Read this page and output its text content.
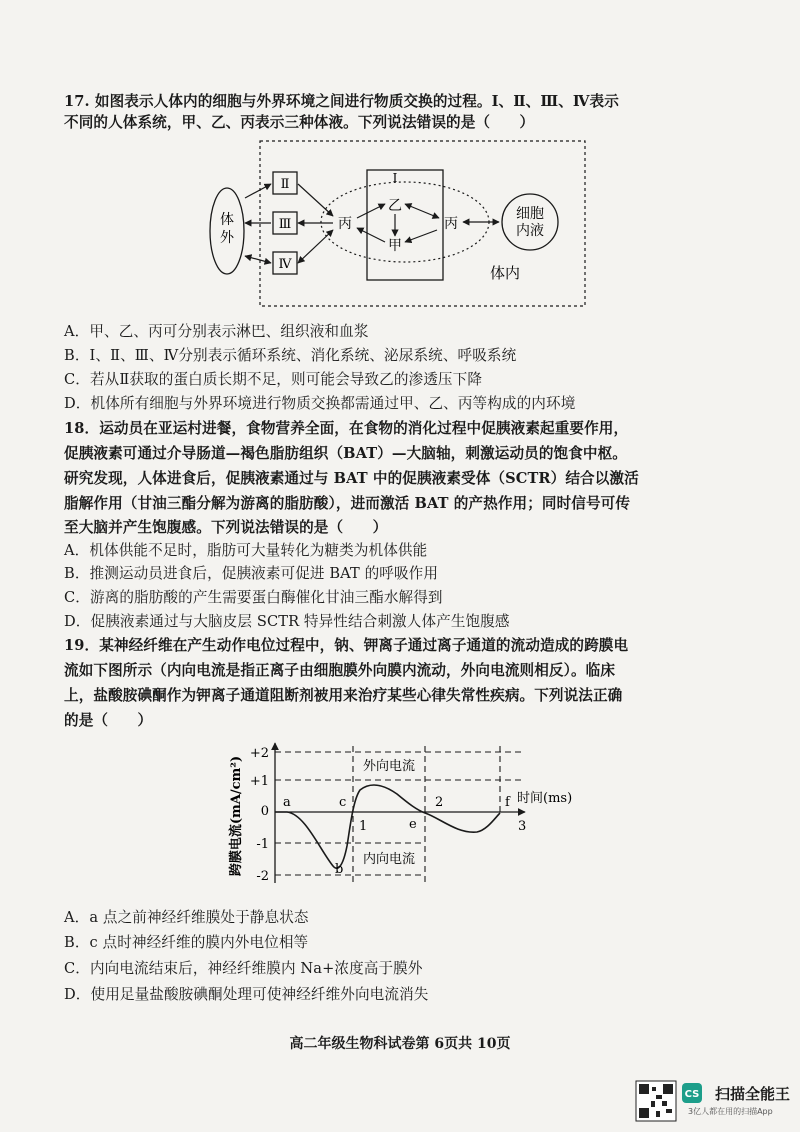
17. 如图表示人体内的细胞与外界环境之间进行物质交换的过程。Ⅰ、Ⅱ、Ⅲ、Ⅳ表示
不同的人体系统，甲、乙、丙表示三种体液。下列说法错误的是（　　）
体
外
Ⅱ
Ⅲ
Ⅳ
Ⅰ
丙
乙
甲
丙
细胞
内液
体内
A．甲、乙、丙可分别表示淋巴、组织液和血浆
B．Ⅰ、Ⅱ、Ⅲ、Ⅳ分别表示循环系统、消化系统、泌尿系统、呼吸系统
C．若从Ⅱ获取的蛋白质长期不足，则可能会导致乙的渗透压下降
D．机体所有细胞与外界环境进行物质交换都需通过甲、乙、丙等构成的内环境
18．运动员在亚运村进餐，食物营养全面，在食物的消化过程中促胰液素起重要作用，
促胰液素可通过介导肠道—褐色脂肪组织（BAT）—大脑轴，刺激运动员的饱食中枢。
研究发现，人体进食后，促胰液素通过与 BAT 中的促胰液素受体（SCTR）结合以激活
脂解作用（甘油三酯分解为游离的脂肪酸），进而激活 BAT 的产热作用；同时信号可传
至大脑并产生饱腹感。下列说法错误的是（　　）
A．机体供能不足时，脂肪可大量转化为糖类为机体供能
B．推测运动员进食后，促胰液素可促进 BAT 的呼吸作用
C．游离的脂肪酸的产生需要蛋白酶催化甘油三酯水解得到
D．促胰液素通过与大脑皮层 SCTR 特异性结合刺激人体产生饱腹感
19．某神经纤维在产生动作电位过程中，钠、钾离子通过离子通道的流动造成的跨膜电
流如下图所示（内向电流是指正离子由细胞膜外向膜内流动，外向电流则相反）。临床
上，盐酸胺碘酮作为钾离子通道阻断剂被用来治疗某些心律失常性疾病。下列说法正确
的是（　　）
跨膜电流(mA/cm²)
+2
+1
0
-1
-2
a
b
c
e
f
1
2
3
时间(ms)
外向电流
内向电流
A．a 点之前神经纤维膜处于静息状态
B．c 点时神经纤维的膜内外电位相等
C．内向电流结束后，神经纤维膜内 Na+浓度高于膜外
D．使用足量盐酸胺碘酮处理可使神经纤维外向电流消失
高二年级生物科试卷第 6页共 10页
CS 扫描全能王
3亿人都在用的扫描App
